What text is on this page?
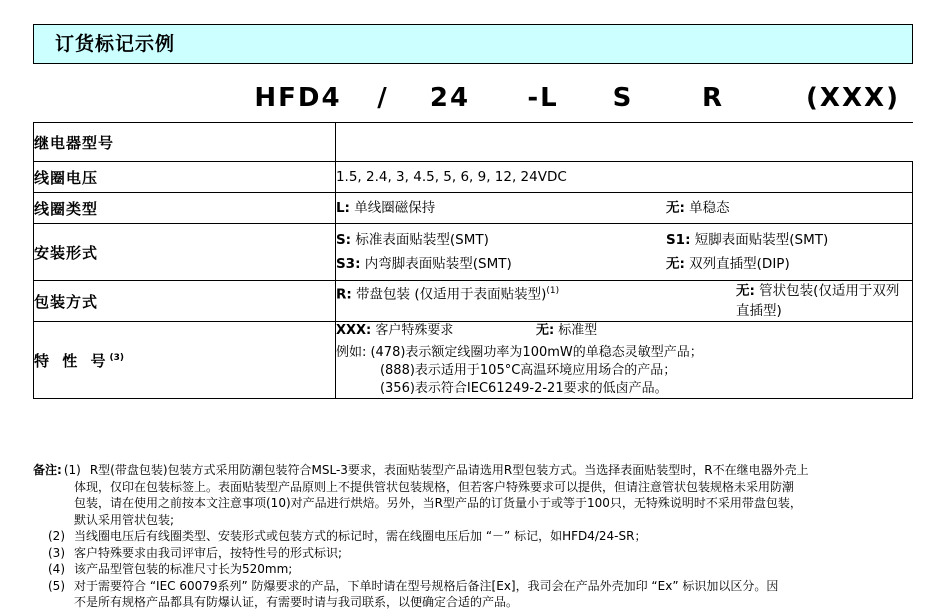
订货标记示例
HFD4	/	24	-L	S	R	(XXX)
继电器型号	
线圈电压	1.5, 2.4, 3, 4.5, 5, 6, 9, 12, 24VDC
线圈类型	L: 单线圈磁保持 无: 单稳态

安装形式	S: 标准表面贴装型(SMT) S1: 短脚表面贴装型(SMT)
S3: 内弯脚表面贴装型(SMT) 无: 双列直插型(DIP)

包装方式	R: 带盘包装 (仅适用于表面贴装型)$^{(1)}$ 无: 管状包装(仅适用于双列直插型)

特 性 号$^{(3)}$	XXX: 客户特殊要求 无: 标准型
例如: (478)表示额定线圈功率为100mW的单稳态灵敏型产品；
(888)表示适用于105°C高温环境应用场合的产品；
(356)表示符合IEC61249-2-21要求的低卤产品。
备注: (1) R型(带盘包装)包装方式采用防潮包装符合MSL-3要求，表面贴装型产品请选用R型包装方式。当选择表面贴装型时，R不在继电器外壳上
体现，仅印在包装标签上。表面贴装型产品原则上不提供管状包装规格，但若客户特殊要求可以提供，但请注意管状包装规格未采用防潮
包装，请在使用之前按本文注意事项(10)对产品进行烘焙。另外，当R型产品的订货量小于或等于100只，无特殊说明时不采用带盘包装，
默认采用管状包装;
(2) 当线圈电压后有线圈类型、安装形式或包装方式的标记时，需在线圈电压后加 “－” 标记，如HFD4/24-SR；
(3) 客户特殊要求由我司评审后，按特性号的形式标识;
(4) 该产品型管包装的标准尺寸长为520mm;
(5) 对于需要符合 “IEC 60079系列” 防爆要求的产品，下单时请在型号规格后备注[Ex]，我司会在产品外壳加印 “Ex” 标识加以区分。因
不是所有规格产品都具有防爆认证，有需要时请与我司联系，以便确定合适的产品。
